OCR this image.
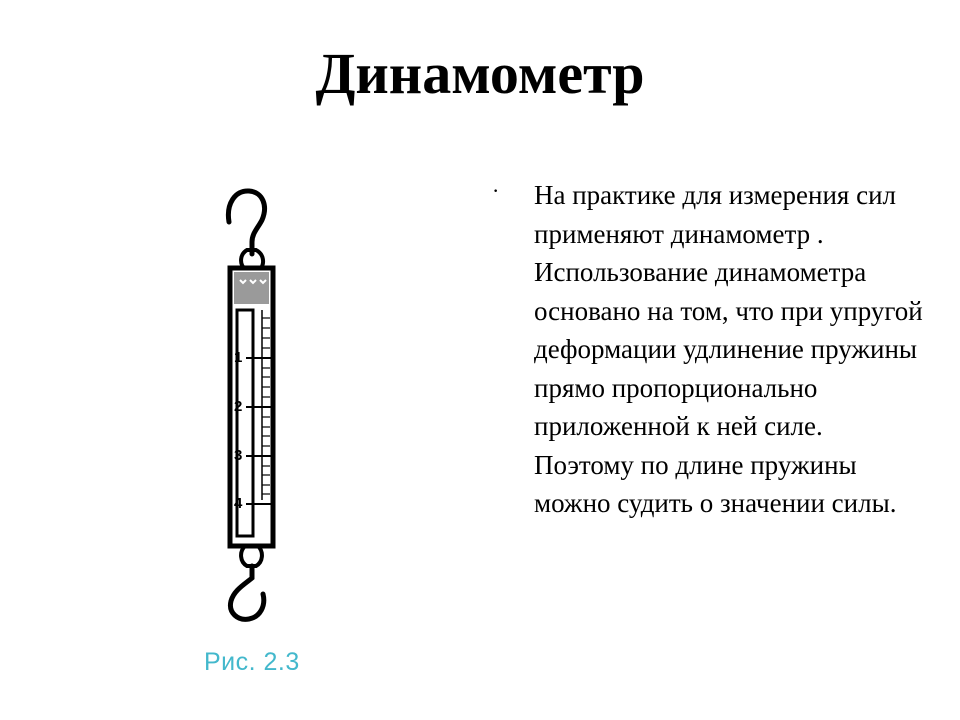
Динамометр
1
2
3
4
Рис. 2.3
· На практике для измерения сил применяют динамометр . Использование динамометра основано на том, что при упругой деформации удлинение пружины прямо пропорционально приложенной к ней силе. Поэтому по длине пружины можно судить о значении силы.
